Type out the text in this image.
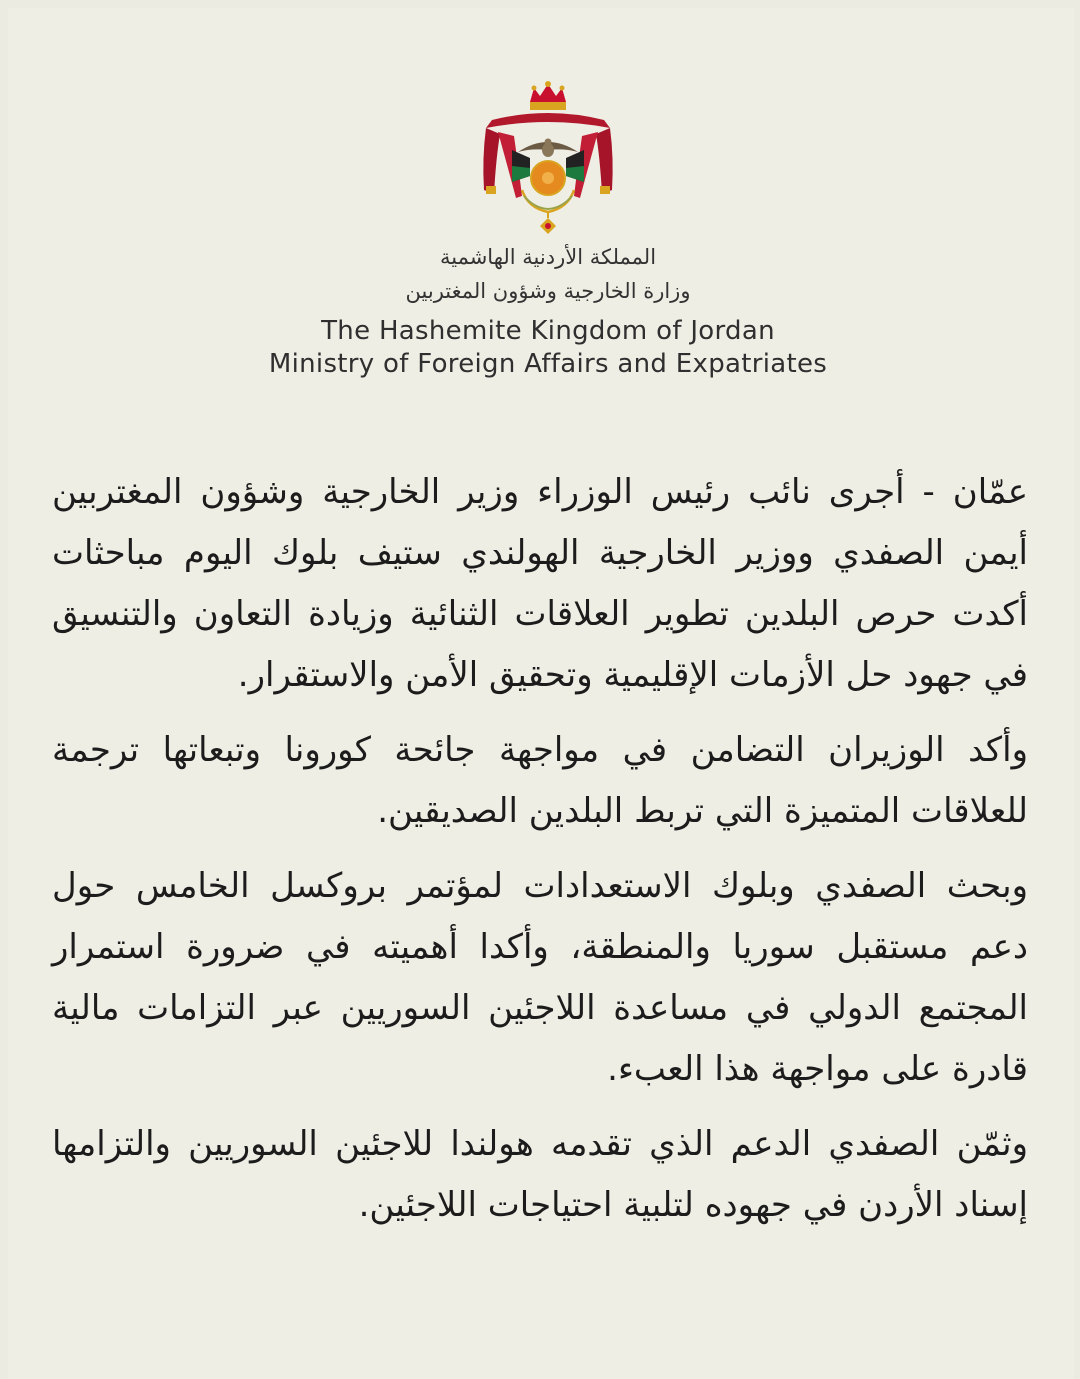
المملكة الأردنية الهاشمية
وزارة الخارجية وشؤون المغتربين
The Hashemite Kingdom of Jordan
Ministry of Foreign Affairs and Expatriates

عمّان - أجرى نائب رئيس الوزراء وزير الخارجية وشؤون المغتربين أيمن الصفدي ووزير الخارجية الهولندي ستيف بلوك اليوم مباحثات أكدت حرص البلدين تطوير العلاقات الثنائية وزيادة التعاون والتنسيق في جهود حل الأزمات الإقليمية وتحقيق الأمن والاستقرار.

وأكد الوزيران التضامن في مواجهة جائحة كورونا وتبعاتها ترجمة للعلاقات المتميزة التي تربط البلدين الصديقين.

وبحث الصفدي وبلوك الاستعدادات لمؤتمر بروكسل الخامس حول دعم مستقبل سوريا والمنطقة، وأكدا أهميته في ضرورة استمرار المجتمع الدولي في مساعدة اللاجئين السوريين عبر التزامات مالية قادرة على مواجهة هذا العبء.

وثمّن الصفدي الدعم الذي تقدمه هولندا للاجئين السوريين والتزامها إسناد الأردن في جهوده لتلبية احتياجات اللاجئين.
